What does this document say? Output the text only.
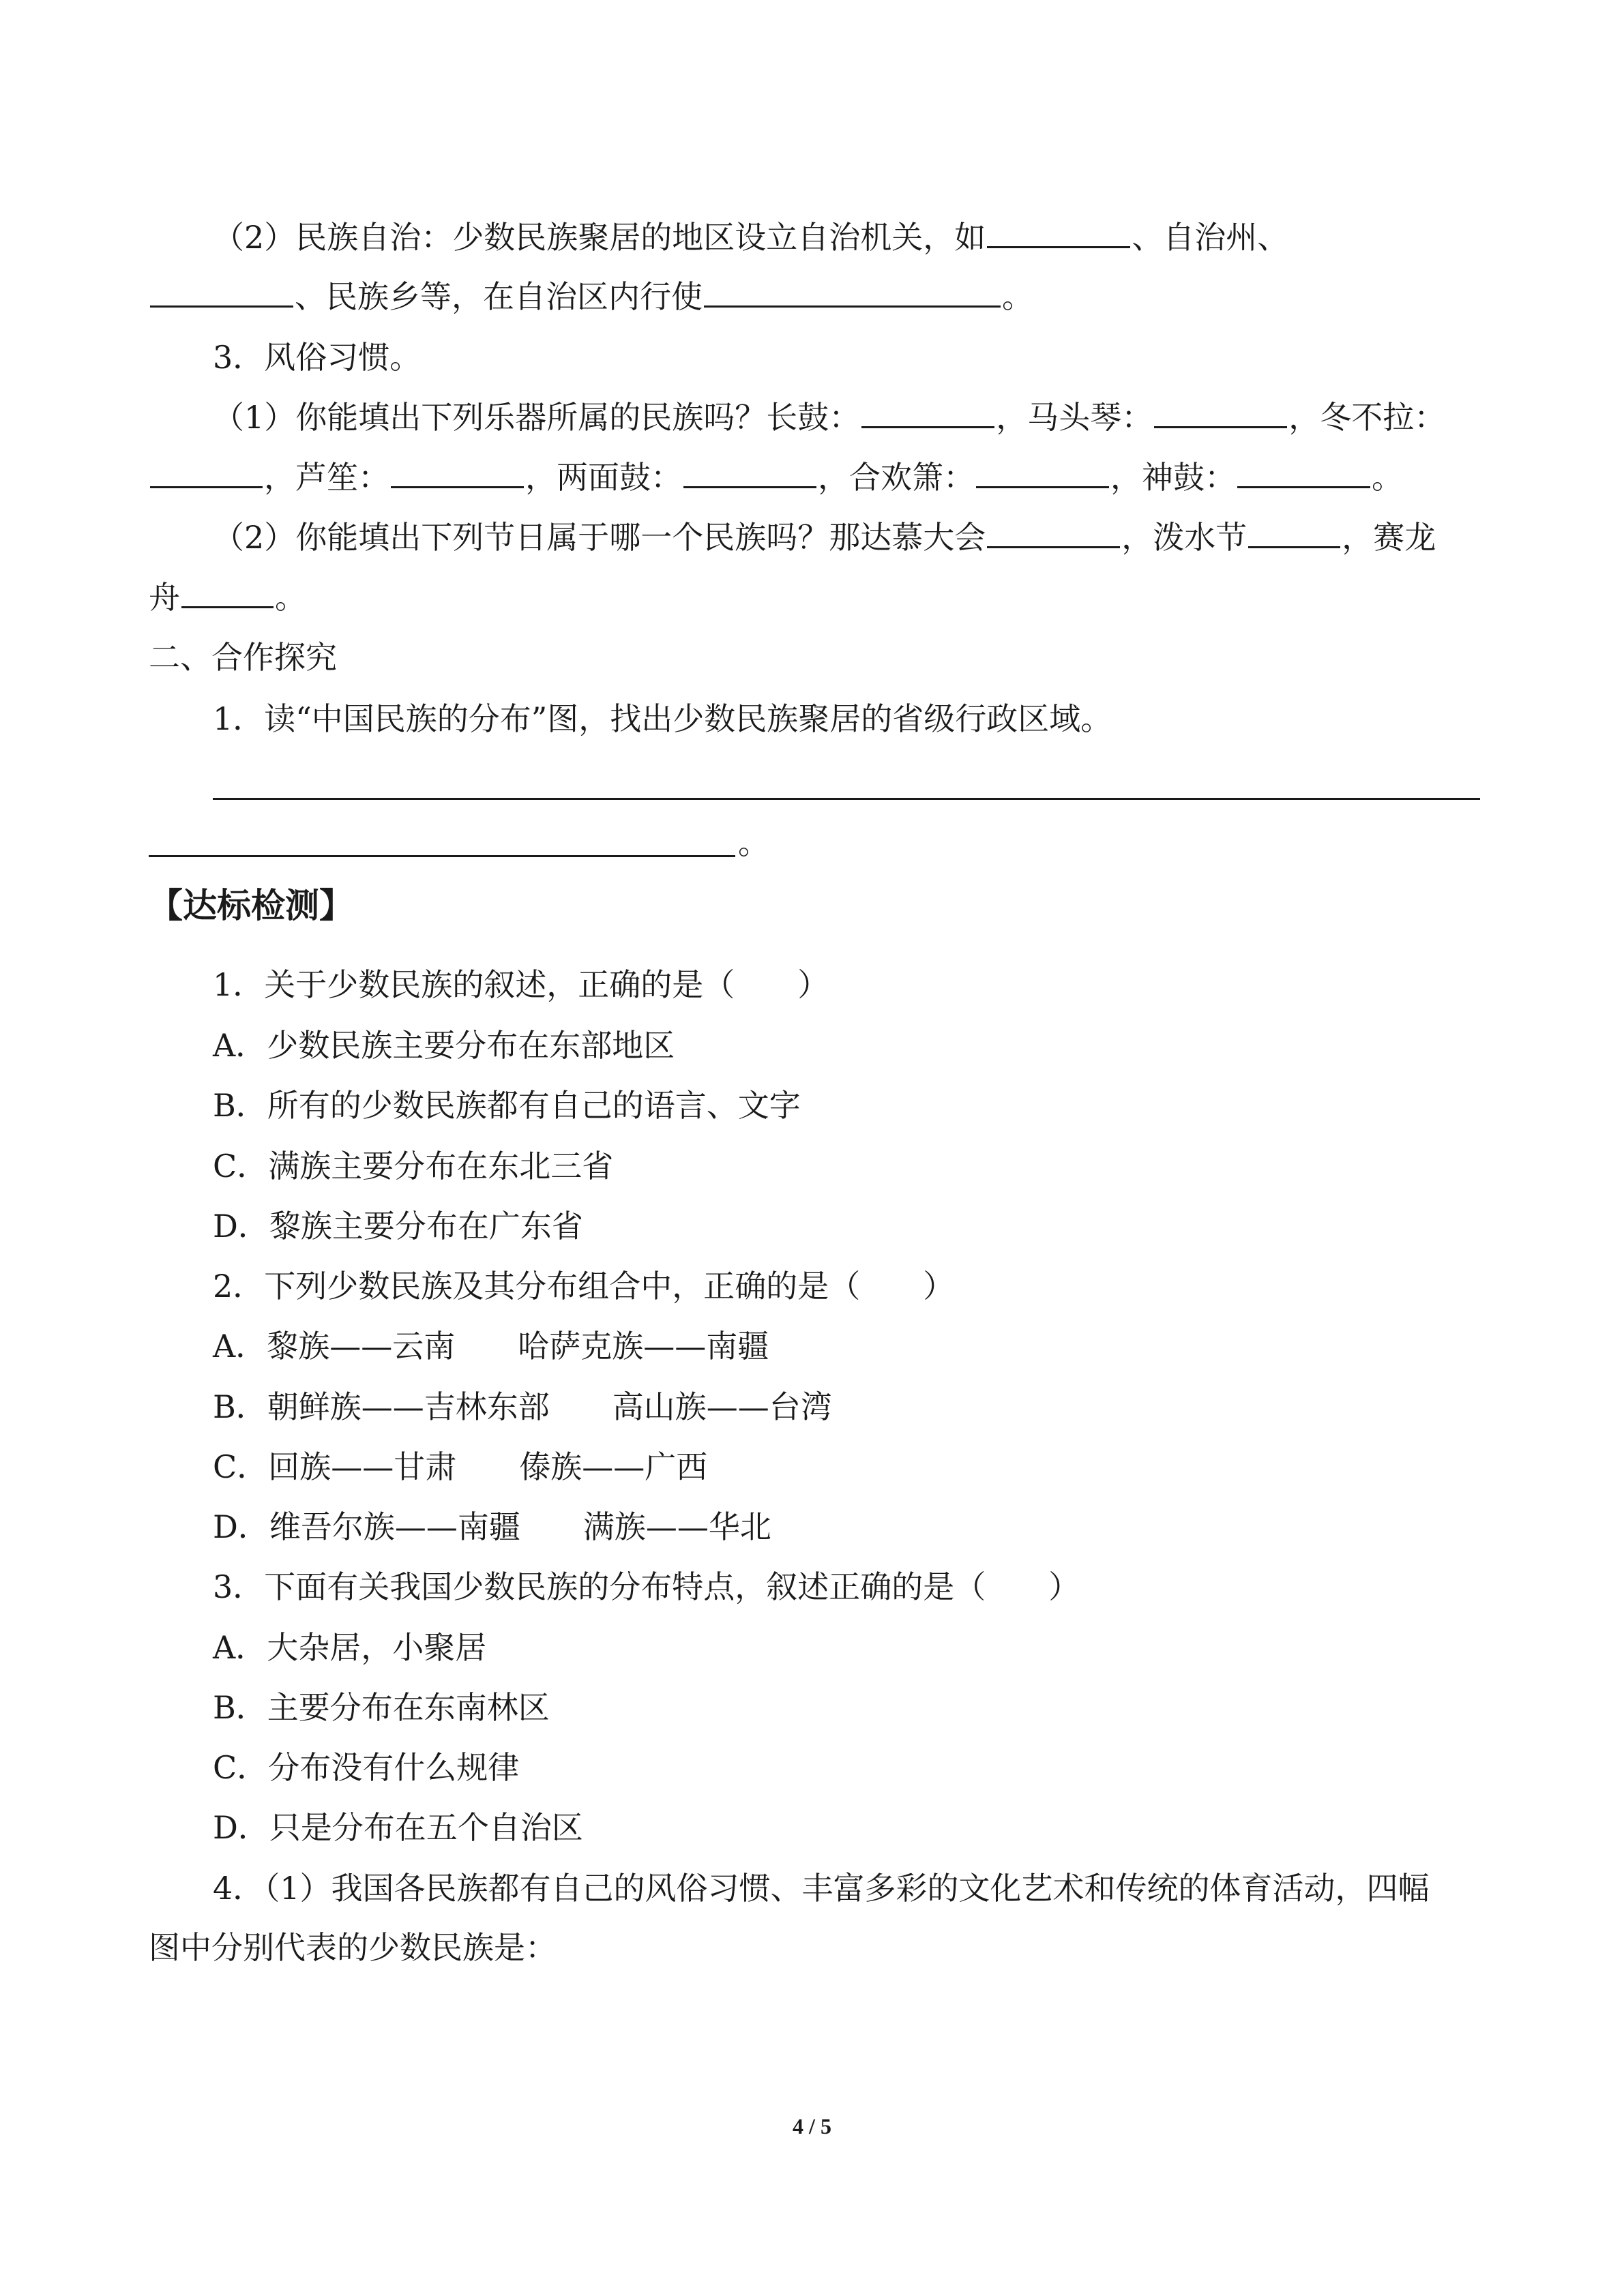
（2）民族自治：少数民族聚居的地区设立自治机关，如	、自治州、
、民族乡等，在自治区内行使	。
3．风俗习惯。
（1）你能填出下列乐器所属的民族吗？长鼓：	，马头琴：	，冬不拉：
，芦笙：	，两面鼓：	，合欢箫：	，神鼓：	。
（2）你能填出下列节日属于哪一个民族吗？那达慕大会	，泼水节	，赛龙
舟	。
二、合作探究
1．读“中国民族的分布”图，找出少数民族聚居的省级行政区域。
。
【达标检测】
1．关于少数民族的叙述，正确的是（　　）
A．少数民族主要分布在东部地区
B．所有的少数民族都有自己的语言、文字
C．满族主要分布在东北三省
D．黎族主要分布在广东省
2．下列少数民族及其分布组合中，正确的是（　　）
A．黎族——云南　　哈萨克族——南疆
B．朝鲜族——吉林东部　　高山族——台湾
C．回族——甘肃　　傣族——广西
D．维吾尔族——南疆　　满族——华北
3．下面有关我国少数民族的分布特点，叙述正确的是（　　）
A．大杂居，小聚居
B．主要分布在东南林区
C．分布没有什么规律
D．只是分布在五个自治区
4．（1）我国各民族都有自己的风俗习惯、丰富多彩的文化艺术和传统的体育活动，四幅
图中分别代表的少数民族是：
4 / 5
